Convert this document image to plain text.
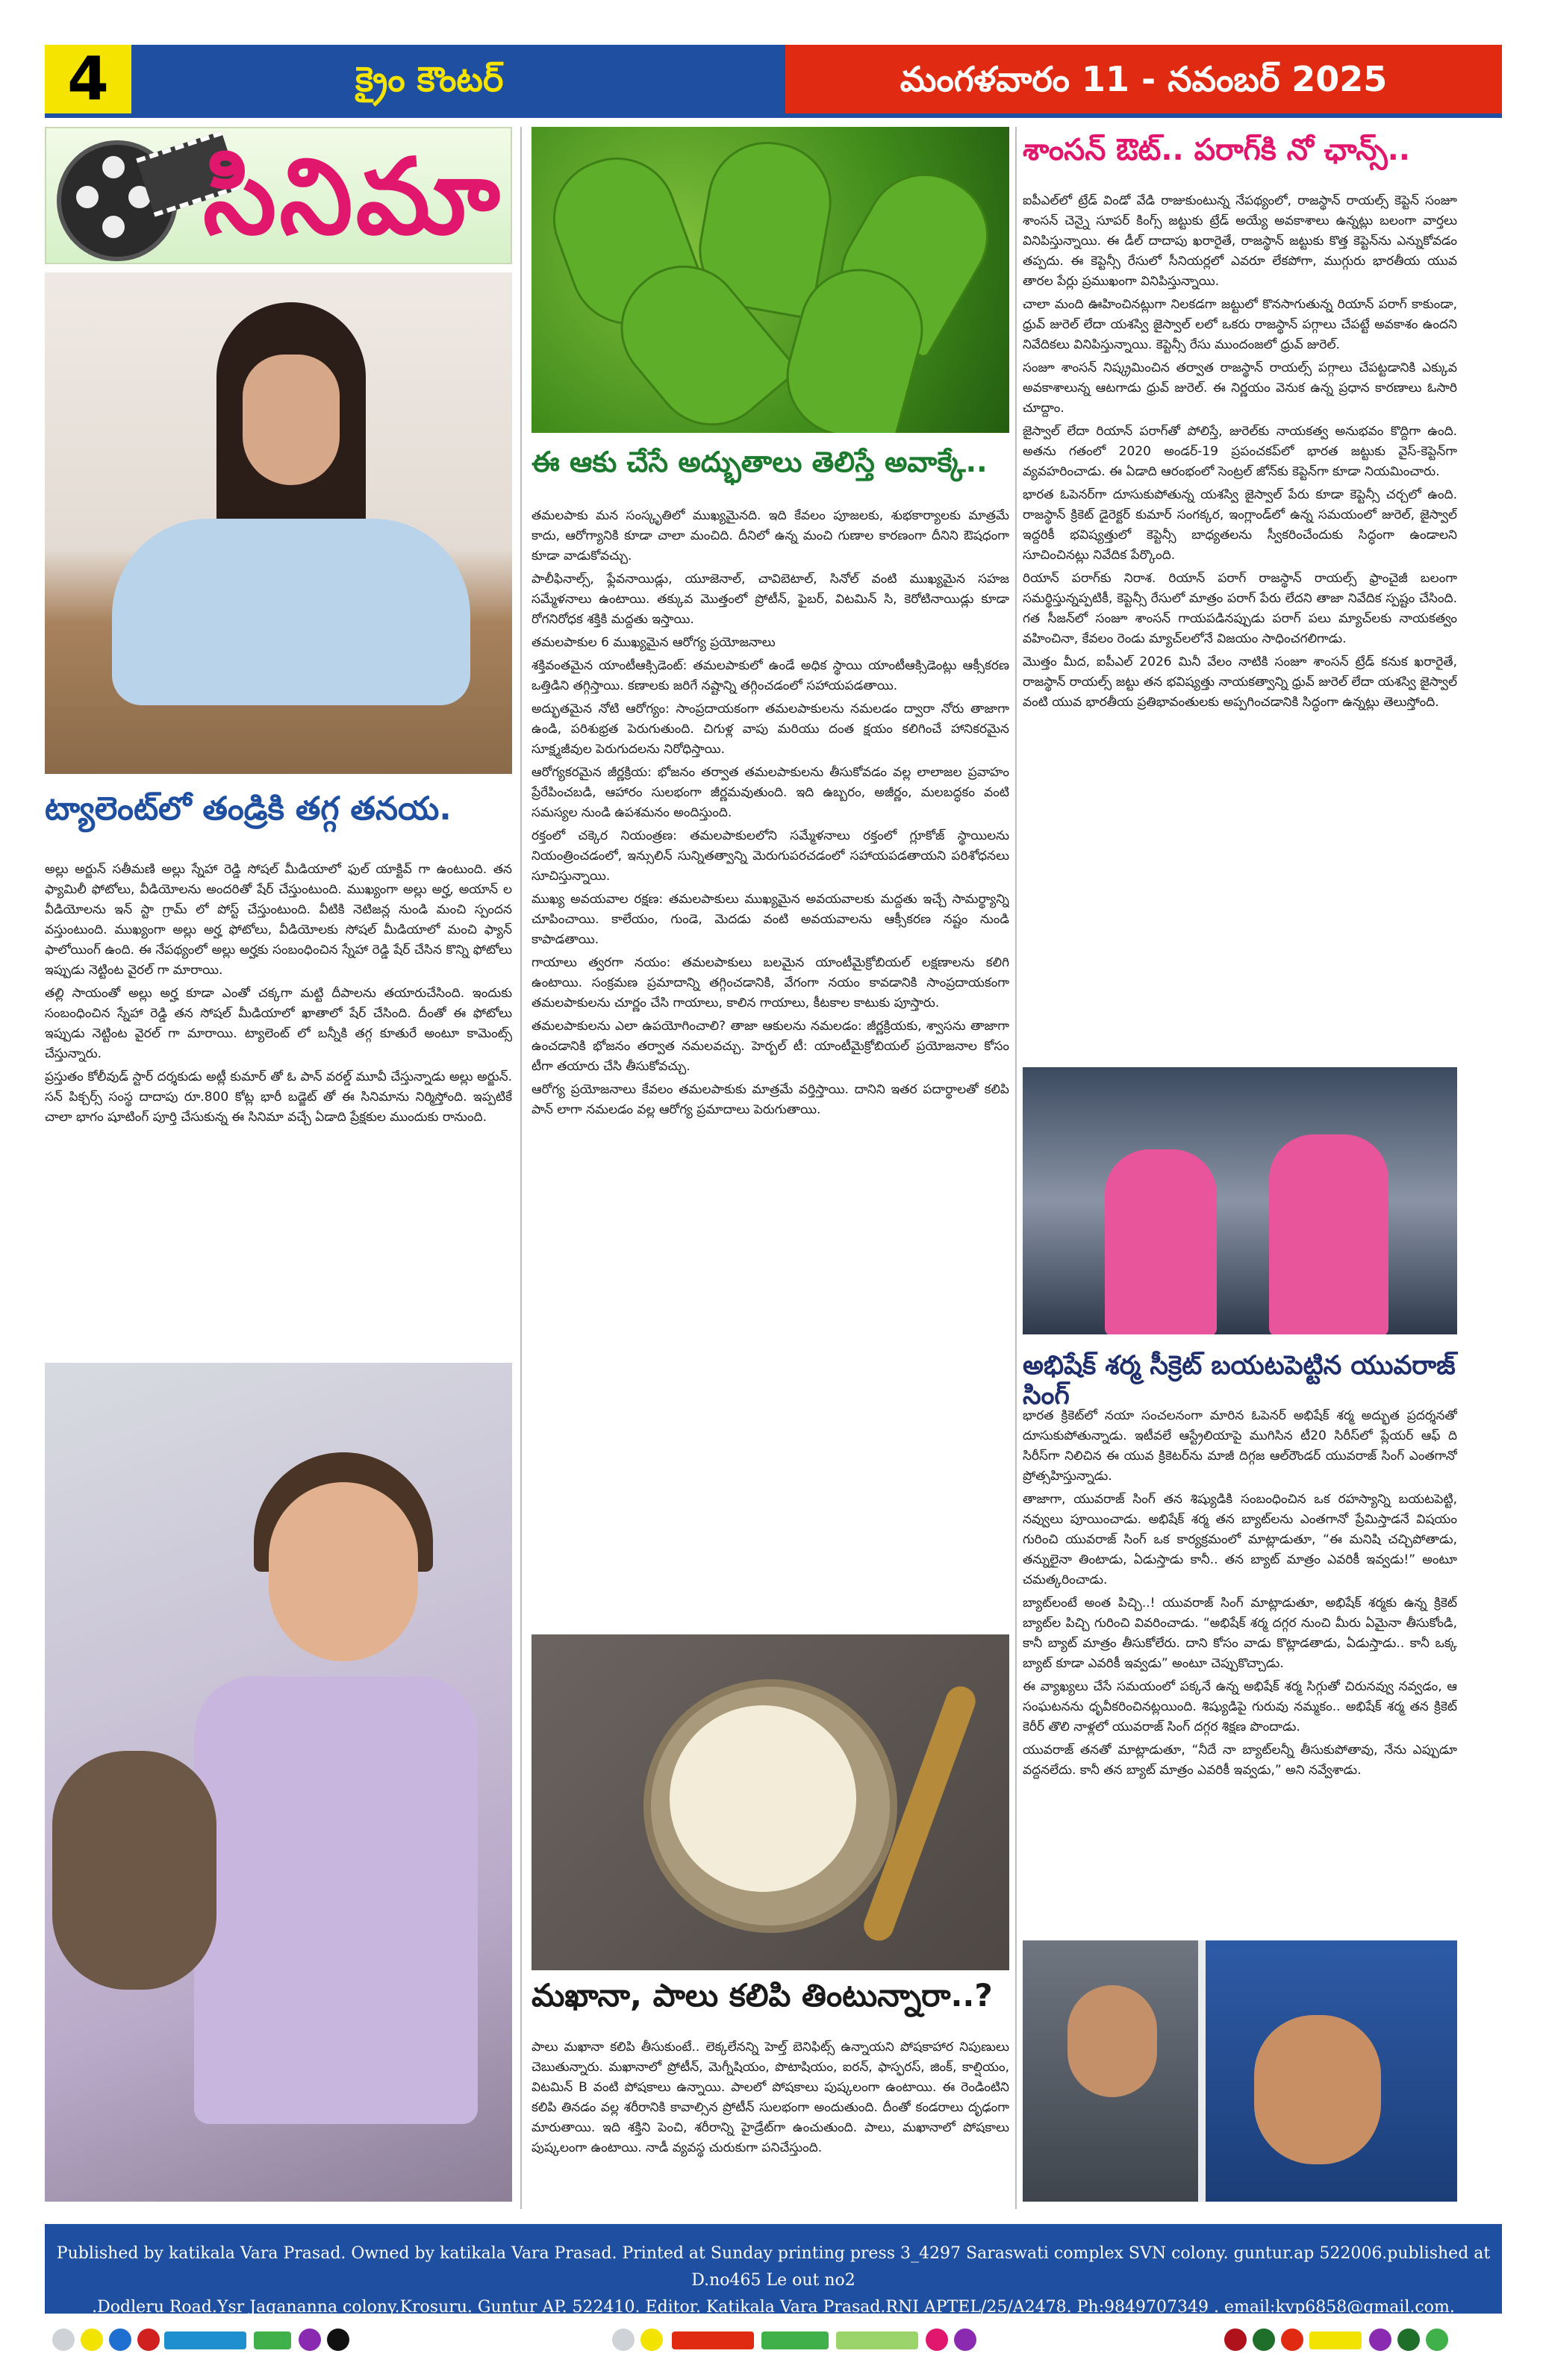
4	క్రైం కౌంటర్	మంగళవారం 11 - నవంబర్ 2025
సినిమా
ట్యాలెంట్‌లో తండ్రికి తగ్గ తనయ.

అల్లు అర్జున్ సతీమణి అల్లు స్నేహా రెడ్డి సోషల్ మీడియాలో ఫుల్ యాక్టివ్ గా ఉంటుంది. తన ఫ్యామిలీ ఫోటోలు, వీడియోలను అందరితో షేర్ చేస్తుంటుంది. ముఖ్యంగా అల్లు అర్హ, అయాన్ ల వీడియోలను ఇన్ స్టా గ్రామ్ లో పోస్ట్ చేస్తుంటుంది. వీటికి నెటిజన్ల నుండి మంచి స్పందన వస్తుంటుంది. ముఖ్యంగా అల్లు అర్హ ఫోటోలు, వీడియోలకు సోషల్ మీడియాలో మంచి ఫ్యాన్ ఫాలోయింగ్ ఉంది. ఈ నేపథ్యంలో అల్లు అర్హకు సంబంధించిన స్నేహా రెడ్డి షేర్ చేసిన కొన్ని ఫోటోలు ఇప్పుడు నెట్టింట వైరల్ గా మారాయి.

తల్లి సాయంతో అల్లు అర్హ కూడా ఎంతో చక్కగా మట్టి దీపాలను తయారుచేసింది. ఇందుకు సంబంధించిన స్నేహా రెడ్డి తన సోషల్ మీడియాలో ఖాతాలో షేర్ చేసింది. దీంతో ఈ ఫోటోలు ఇప్పుడు నెట్టింట వైరల్ గా మారాయి. ట్యాలెంట్ లో బన్నీకి తగ్గ కూతురే అంటూ కామెంట్స్ చేస్తున్నారు.

ప్రస్తుతం కోలీవుడ్ స్టార్ దర్శకుడు అట్లీ కుమార్ తో ఓ పాన్ వరల్డ్ మూవీ చేస్తున్నాడు అల్లు అర్జున్. సన్ పిక్చర్స్ సంస్థ దాదాపు రూ.800 కోట్ల భారీ బడ్జెట్ తో ఈ సినిమాను నిర్మిస్తోంది. ఇప్పటికే చాలా భాగం షూటింగ్ పూర్తి చేసుకున్న ఈ సినిమా వచ్చే ఏడాది ప్రేక్షకుల ముందుకు రానుంది.

ఈ ఆకు చేసే అద్భుతాలు తెలిస్తే అవాక్కే..

తమలపాకు మన సంస్కృతిలో ముఖ్యమైనది. ఇది కేవలం పూజలకు, శుభకార్యాలకు మాత్రమే కాదు, ఆరోగ్యానికి కూడా చాలా మంచిది. దీనిలో ఉన్న మంచి గుణాల కారణంగా దీనిని ఔషధంగా కూడా వాడుకోవచ్చు.

పాలీఫినాల్స్, ఫ్లేవనాయిడ్లు, యూజెనాల్, చావిబెటాల్, సినోల్ వంటి ముఖ్యమైన సహజ సమ్మేళనాలు ఉంటాయి. తక్కువ మొత్తంలో ప్రోటీన్, ఫైబర్, విటమిన్ సి, కెరోటినాయిడ్లు కూడా రోగనిరోధక శక్తికి మద్దతు ఇస్తాయి.

తమలపాకుల 6 ముఖ్యమైన ఆరోగ్య ప్రయోజనాలు

శక్తివంతమైన యాంటీఆక్సిడెంట్: తమలపాకులో ఉండే అధిక స్థాయి యాంటీఆక్సిడెంట్లు ఆక్సీకరణ ఒత్తిడిని తగ్గిస్తాయి. కణాలకు జరిగే నష్టాన్ని తగ్గించడంలో సహాయపడతాయి.

అద్భుతమైన నోటి ఆరోగ్యం: సాంప్రదాయకంగా తమలపాకులను నమలడం ద్వారా నోరు తాజాగా ఉండి, పరిశుభ్రత పెరుగుతుంది. చిగుళ్ల వాపు మరియు దంత క్షయం కలిగించే హానికరమైన సూక్ష్మజీవుల పెరుగుదలను నిరోధిస్తాయి.

ఆరోగ్యకరమైన జీర్ణక్రియ: భోజనం తర్వాత తమలపాకులను తీసుకోవడం వల్ల లాలాజల ప్రవాహం ప్రేరేపించబడి, ఆహారం సులభంగా జీర్ణమవుతుంది. ఇది ఉబ్బరం, అజీర్ణం, మలబద్ధకం వంటి సమస్యల నుండి ఉపశమనం అందిస్తుంది.

రక్తంలో చక్కెర నియంత్రణ: తమలపాకులలోని సమ్మేళనాలు రక్తంలో గ్లూకోజ్ స్థాయిలను నియంత్రించడంలో, ఇన్సులిన్ సున్నితత్వాన్ని మెరుగుపరచడంలో సహాయపడతాయని పరిశోధనలు సూచిస్తున్నాయి.

ముఖ్య అవయవాల రక్షణ: తమలపాకులు ముఖ్యమైన అవయవాలకు మద్దతు ఇచ్చే సామర్థ్యాన్ని చూపించాయి. కాలేయం, గుండె, మెదడు వంటి అవయవాలను ఆక్సీకరణ నష్టం నుండి కాపాడతాయి.

గాయాలు త్వరగా నయం: తమలపాకులు బలమైన యాంటీమైక్రోబియల్ లక్షణాలను కలిగి ఉంటాయి. సంక్రమణ ప్రమాదాన్ని తగ్గించడానికి, వేగంగా నయం కావడానికి సాంప్రదాయకంగా తమలపాకులను చూర్ణం చేసి గాయాలు, కాలిన గాయాలు, కీటకాల కాటుకు పూస్తారు.

తమలపాకులను ఎలా ఉపయోగించాలి? తాజా ఆకులను నమలడం: జీర్ణక్రియకు, శ్వాసను తాజాగా ఉంచడానికి భోజనం తర్వాత నమలవచ్చు. హెర్బల్ టీ: యాంటీమైక్రోబియల్ ప్రయోజనాల కోసం టీగా తయారు చేసి తీసుకోవచ్చు.

ఆరోగ్య ప్రయోజనాలు కేవలం తమలపాకుకు మాత్రమే వర్తిస్తాయి. దానిని ఇతర పదార్థాలతో కలిపి పాన్ లాగా నమలడం వల్ల ఆరోగ్య ప్రమాదాలు పెరుగుతాయి.

మఖానా, పాలు కలిపి తింటున్నారా..?

పాలు మఖానా కలిపి తీసుకుంటే.. లెక్కలేనన్ని హెల్త్ బెనిఫిట్స్ ఉన్నాయని పోషకాహార నిపుణులు చెబుతున్నారు. మఖానాలో ప్రోటీన్, మెగ్నీషియం, పొటాషియం, ఐరన్, ఫాస్ఫరస్, జింక్, కాల్షియం, విటమిన్ B వంటి పోషకాలు ఉన్నాయి. పాలలో పోషకాలు పుష్కలంగా ఉంటాయి. ఈ రెండింటిని కలిపి తినడం వల్ల శరీరానికి కావాల్సిన ప్రోటీన్ సులభంగా అందుతుంది. దీంతో కండరాలు దృఢంగా మారుతాయి. ఇది శక్తిని పెంచి, శరీరాన్ని హైడ్రేట్‌గా ఉంచుతుంది. పాలు, మఖానాలో పోషకాలు పుష్కలంగా ఉంటాయి. నాడీ వ్యవస్థ చురుకుగా పనిచేస్తుంది.

శాంసన్ ఔట్.. పరాగ్‌కి నో ఛాన్స్..

ఐపీఎల్‌లో ట్రేడ్ విండో వేడి రాజుకుంటున్న నేపథ్యంలో, రాజస్థాన్ రాయల్స్ కెప్టెన్ సంజూ శాంసన్ చెన్నై సూపర్ కింగ్స్ జట్టుకు ట్రేడ్ అయ్యే అవకాశాలు ఉన్నట్లు బలంగా వార్తలు వినిపిస్తున్నాయి. ఈ డీల్ దాదాపు ఖరారైతే, రాజస్థాన్ జట్టుకు కొత్త కెప్టెన్‌ను ఎన్నుకోవడం తప్పదు. ఈ కెప్టెన్సీ రేసులో సీనియర్లలో ఎవరూ లేకపోగా, ముగ్గురు భారతీయ యువ తారల పేర్లు ప్రముఖంగా వినిపిస్తున్నాయి.

చాలా మంది ఊహించినట్లుగా నిలకడగా జట్టులో కొనసాగుతున్న రియాన్ పరాగ్ కాకుండా, ధ్రువ్ జురెల్ లేదా యశస్వి జైస్వాల్ లలో ఒకరు రాజస్థాన్ పగ్గాలు చేపట్టే అవకాశం ఉందని నివేదికలు వినిపిస్తున్నాయి. కెప్టెన్సీ రేసు ముందంజలో ధ్రువ్ జురెల్.

సంజూ శాంసన్ నిష్క్రమించిన తర్వాత రాజస్థాన్ రాయల్స్ పగ్గాలు చేపట్టడానికి ఎక్కువ అవకాశాలున్న ఆటగాడు ధ్రువ్ జురెల్. ఈ నిర్ణయం వెనుక ఉన్న ప్రధాన కారణాలు ఓసారి చూద్దాం.

జైస్వాల్ లేదా రియాన్ పరాగ్‌తో పోలిస్తే, జురెల్‌కు నాయకత్వ అనుభవం కొద్దిగా ఉంది. అతను గతంలో 2020 అండర్-19 ప్రపంచకప్‌లో భారత జట్టుకు వైస్-కెప్టెన్‌గా వ్యవహరించాడు. ఈ ఏడాది ఆరంభంలో సెంట్రల్ జోన్‌కు కెప్టెన్‌గా కూడా నియమించారు.

భారత ఓపెనర్‌గా దూసుకుపోతున్న యశస్వి జైస్వాల్ పేరు కూడా కెప్టెన్సీ చర్చలో ఉంది. రాజస్థాన్ క్రికెట్ డైరెక్టర్ కుమార్ సంగక్కర, ఇంగ్లాండ్‌లో ఉన్న సమయంలో జురెల్, జైస్వాల్ ఇద్దరికీ భవిష్యత్తులో కెప్టెన్సీ బాధ్యతలను స్వీకరించేందుకు సిద్ధంగా ఉండాలని సూచించినట్లు నివేదిక పేర్కొంది.

రియాన్ పరాగ్‌కు నిరాశ. రియాన్ పరాగ్ రాజస్థాన్ రాయల్స్ ఫ్రాంచైజీ బలంగా సమర్థిస్తున్నప్పటికీ, కెప్టెన్సీ రేసులో మాత్రం పరాగ్ పేరు లేదని తాజా నివేదిక స్పష్టం చేసింది. గత సీజన్‌లో సంజూ శాంసన్ గాయపడినప్పుడు పరాగ్ పలు మ్యాచ్‌లకు నాయకత్వం వహించినా, కేవలం రెండు మ్యాచ్‌లలోనే విజయం సాధించగలిగాడు.

మొత్తం మీద, ఐపీఎల్ 2026 మినీ వేలం నాటికి సంజూ శాంసన్ ట్రేడ్ కనుక ఖరారైతే, రాజస్థాన్ రాయల్స్ జట్టు తన భవిష్యత్తు నాయకత్వాన్ని ధ్రువ్ జురెల్ లేదా యశస్వి జైస్వాల్ వంటి యువ భారతీయ ప్రతిభావంతులకు అప్పగించడానికి సిద్ధంగా ఉన్నట్లు తెలుస్తోంది.

అభిషేక్ శర్మ సీక్రెట్ బయటపెట్టిన యువరాజ్ సింగ్

భారత క్రికెట్‌లో నయా సంచలనంగా మారిన ఓపెనర్ అభిషేక్ శర్మ అద్భుత ప్రదర్శనతో దూసుకుపోతున్నాడు. ఇటీవలే ఆస్ట్రేలియాపై ముగిసిన టీ20 సిరీస్‌లో ప్లేయర్ ఆఫ్ ది సిరీస్‌గా నిలిచిన ఈ యువ క్రికెటర్‌ను మాజీ దిగ్గజ ఆల్‌రౌండర్ యువరాజ్ సింగ్ ఎంతగానో ప్రోత్సహిస్తున్నాడు.

తాజాగా, యువరాజ్ సింగ్ తన శిష్యుడికి సంబంధించిన ఒక రహస్యాన్ని బయటపెట్టి, నవ్వులు పూయించాడు. అభిషేక్ శర్మ తన బ్యాట్‌లను ఎంతగానో ప్రేమిస్తాడనే విషయం గురించి యువరాజ్ సింగ్ ఒక కార్యక్రమంలో మాట్లాడుతూ, “ఈ మనిషి చచ్చిపోతాడు, తన్నులైనా తింటాడు, ఏడుస్తాడు కానీ.. తన బ్యాట్ మాత్రం ఎవరికీ ఇవ్వడు!” అంటూ చమత్కరించాడు.

బ్యాట్‌లంటే అంత పిచ్చి..! యువరాజ్ సింగ్ మాట్లాడుతూ, అభిషేక్ శర్మకు ఉన్న క్రికెట్ బ్యాట్‌ల పిచ్చి గురించి వివరించాడు. “అభిషేక్ శర్మ దగ్గర నుంచి మీరు ఏమైనా తీసుకోండి, కానీ బ్యాట్ మాత్రం తీసుకోలేరు. దాని కోసం వాడు కొట్లాడతాడు, ఏడుస్తాడు.. కానీ ఒక్క బ్యాట్ కూడా ఎవరికీ ఇవ్వడు” అంటూ చెప్పుకొచ్చాడు.

ఈ వ్యాఖ్యలు చేసే సమయంలో పక్కనే ఉన్న అభిషేక్ శర్మ సిగ్గుతో చిరునవ్వు నవ్వడం, ఆ సంఘటనను ధృవీకరించినట్లయింది. శిష్యుడిపై గురువు నమ్మకం.. అభిషేక్ శర్మ తన క్రికెట్ కెరీర్ తొలి నాళ్లలో యువరాజ్ సింగ్ దగ్గర శిక్షణ పొందాడు.

యువరాజ్ తనతో మాట్లాడుతూ, “నీదే నా బ్యాట్‌లన్నీ తీసుకుపోతావు, నేను ఎప్పుడూ వద్దనలేదు. కానీ తన బ్యాట్ మాత్రం ఎవరికీ ఇవ్వడు,” అని నవ్వేశాడు.

Published by katikala Vara Prasad. Owned by katikala Vara Prasad. Printed at Sunday printing press 3_4297 Saraswati complex SVN colony. guntur.ap 522006.published at D.no465 Le out no2
.Dodleru Road.Ysr Jagananna colony.Krosuru. Guntur AP. 522410. Editor. Katikala Vara Prasad.RNI APTEL/25/A2478. Ph:9849707349 . email:kvp6858@gmail.com.
